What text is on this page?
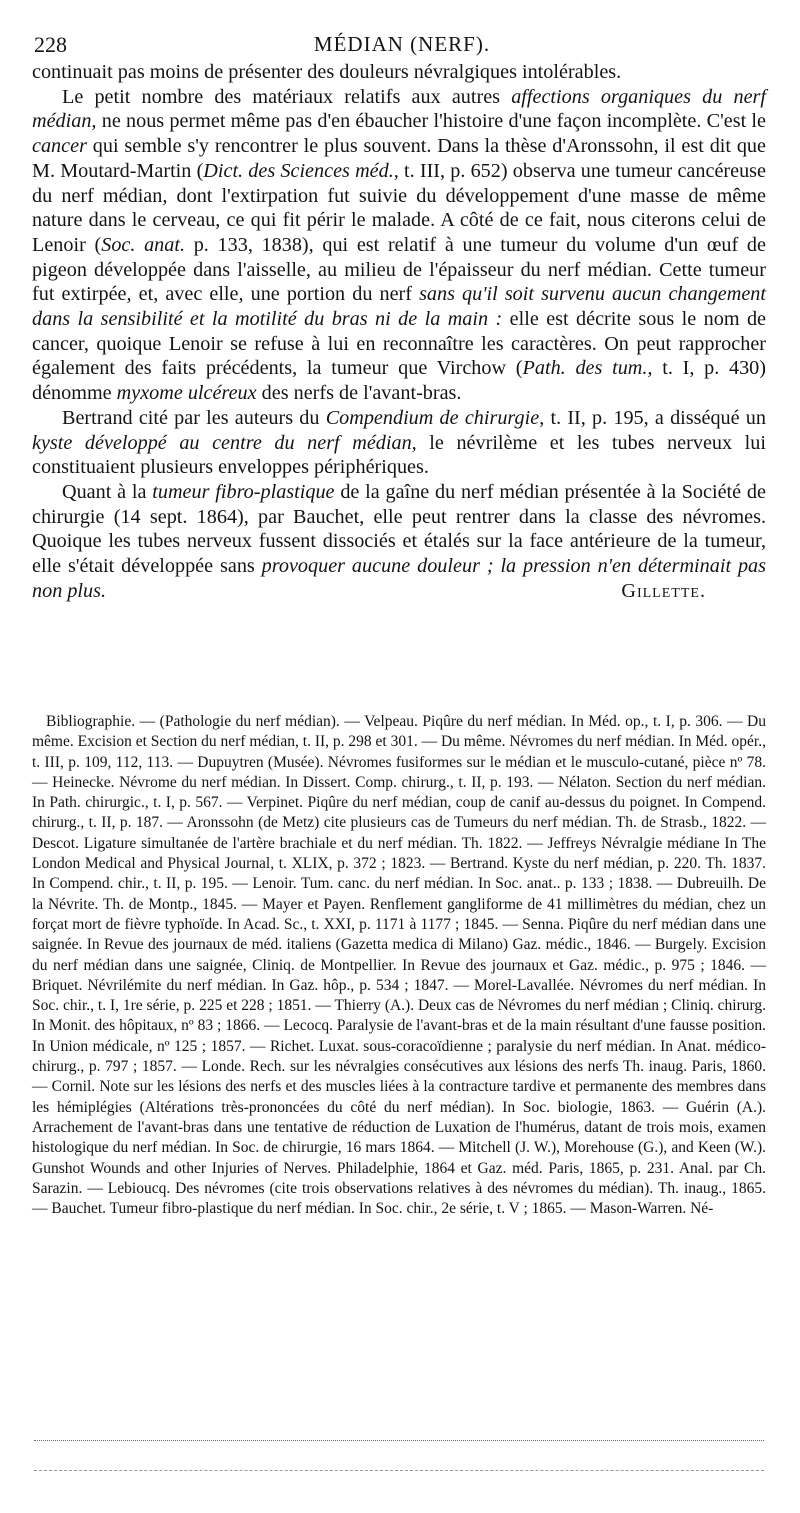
228	MÉDIAN (NERF).

continuait pas moins de présenter des douleurs névralgiques intolérables.

Le petit nombre des matériaux relatifs aux autres affections organiques du nerf médian, ne nous permet même pas d'en ébaucher l'histoire d'une façon incomplète. C'est le cancer qui semble s'y rencontrer le plus souvent. Dans la thèse d'Aronssohn, il est dit que M. Moutard-Martin (Dict. des Sciences méd., t. III, p. 652) observa une tumeur cancéreuse du nerf médian, dont l'extirpation fut suivie du développement d'une masse de même nature dans le cerveau, ce qui fit périr le malade. A côté de ce fait, nous citerons celui de Lenoir (Soc. anat. p. 133, 1838), qui est relatif à une tumeur du volume d'un œuf de pigeon développée dans l'aisselle, au milieu de l'épaisseur du nerf médian. Cette tumeur fut extirpée, et, avec elle, une portion du nerf sans qu'il soit survenu aucun changement dans la sensibilité et la motilité du bras ni de la main : elle est décrite sous le nom de cancer, quoique Lenoir se refuse à lui en reconnaître les caractères. On peut rapprocher également des faits précédents, la tumeur que Virchow (Path. des tum., t. I, p. 430) dénomme myxome ulcéreux des nerfs de l'avant-bras.

Bertrand cité par les auteurs du Compendium de chirurgie, t. II, p. 195, a disséqué un kyste développé au centre du nerf médian, le névrilème et les tubes nerveux lui constituaient plusieurs enveloppes périphériques.

Quant à la tumeur fibro-plastique de la gaîne du nerf médian présentée à la Société de chirurgie (14 sept. 1864), par Bauchet, elle peut rentrer dans la classe des névromes. Quoique les tubes nerveux fussent dissociés et étalés sur la face antérieure de la tumeur, elle s'était développée sans provoquer aucune douleur ; la pression n'en déterminait pas non plus.	Gillette.

Bibliographie. — (Pathologie du nerf médian). — Velpeau. Piqûre du nerf médian. In Méd. op., t. I, p. 306. — Du même. Excision et Section du nerf médian, t. II, p. 298 et 301. — Du même. Névromes du nerf médian. In Méd. opér., t. III, p. 109, 112, 113. — Dupuytren (Musée). Névromes fusiformes sur le médian et le musculo-cutané, pièce nº 78. — Heinecke. Névrome du nerf médian. In Dissert. Comp. chirurg., t. II, p. 193. — Nélaton. Section du nerf médian. In Path. chirurgic., t. I, p. 567. — Verpinet. Piqûre du nerf médian, coup de canif au-dessus du poignet. In Compend. chirurg., t. II, p. 187. — Aronssohn (de Metz) cite plusieurs cas de Tumeurs du nerf médian. Th. de Strasb., 1822. — Descot. Ligature simultanée de l'artère brachiale et du nerf médian. Th. 1822. — Jeffreys Névralgie médiane In The London Medical and Physical Journal, t. XLIX, p. 372 ; 1823. — Bertrand. Kyste du nerf médian, p. 220. Th. 1837. In Compend. chir., t. II, p. 195. — Lenoir. Tum. canc. du nerf médian. In Soc. anat.. p. 133 ; 1838. — Dubreuilh. De la Névrite. Th. de Montp., 1845. — Mayer et Payen. Renflement gangliforme de 41 millimètres du médian, chez un forçat mort de fièvre typhoïde. In Acad. Sc., t. XXI, p. 1171 à 1177 ; 1845. — Senna. Piqûre du nerf médian dans une saignée. In Revue des journaux de méd. italiens (Gazetta medica di Milano) Gaz. médic., 1846. — Burgely. Excision du nerf médian dans une saignée, Cliniq. de Montpellier. In Revue des journaux et Gaz. médic., p. 975 ; 1846. — Briquet. Névrilémite du nerf médian. In Gaz. hôp., p. 534 ; 1847. — Morel-Lavallée. Névromes du nerf médian. In Soc. chir., t. I, 1re série, p. 225 et 228 ; 1851. — Thierry (A.). Deux cas de Névromes du nerf médian ; Cliniq. chirurg. In Monit. des hôpitaux, nº 83 ; 1866. — Lecocq. Paralysie de l'avant-bras et de la main résultant d'une fausse position. In Union médicale, nº 125 ; 1857. — Richet. Luxat. sous-coracoïdienne ; paralysie du nerf médian. In Anat. médico-chirurg., p. 797 ; 1857. — Londe. Rech. sur les névralgies consécutives aux lésions des nerfs Th. inaug. Paris, 1860. — Cornil. Note sur les lésions des nerfs et des muscles liées à la contracture tardive et permanente des membres dans les hémiplégies (Altérations très-prononcées du côté du nerf médian). In Soc. biologie, 1863. — Guérin (A.). Arrachement de l'avant-bras dans une tentative de réduction de Luxation de l'humérus, datant de trois mois, examen histologique du nerf médian. In Soc. de chirurgie, 16 mars 1864. — Mitchell (J. W.), Morehouse (G.), and Keen (W.). Gunshot Wounds and other Injuries of Nerves. Philadelphie, 1864 et Gaz. méd. Paris, 1865, p. 231. Anal. par Ch. Sarazin. — Lebioucq. Des névromes (cite trois observations relatives à des névromes du médian). Th. inaug., 1865. — Bauchet. Tumeur fibro-plastique du nerf médian. In Soc. chir., 2e série, t. V ; 1865. — Mason-Warren. Né-
